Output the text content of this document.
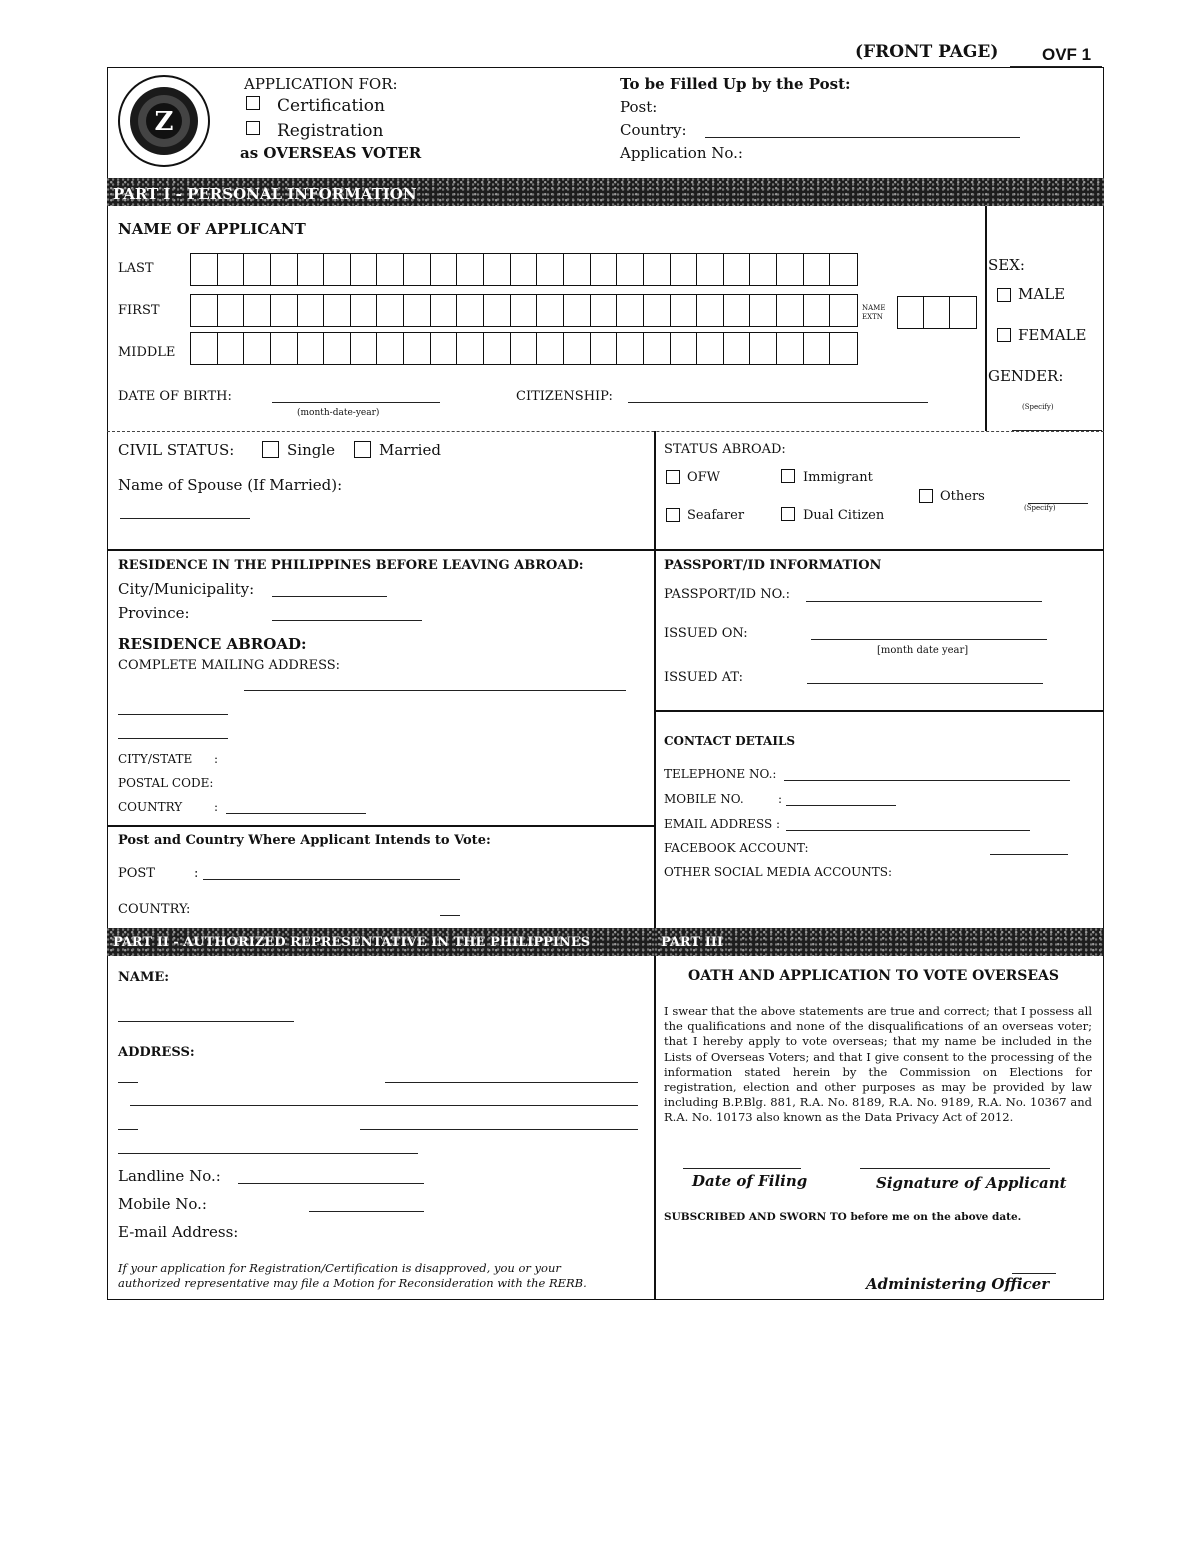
(FRONT PAGE)	OVF 1
Z
APPLICATION FOR:
Certification
Registration
as OVERSEAS VOTER
To be Filled Up by the Post:
Post:
Country:
Application No.:
PART I - PERSONAL INFORMATION
NAME OF APPLICANT
LAST
FIRST	NAME
EXTN
MIDDLE
SEX:
MALE
FEMALE
GENDER:
(Specify)
DATE OF BIRTH:
(month-date-year)
CITIZENSHIP:
CIVIL STATUS:	Single	Married
Name of Spouse (If Married):
STATUS ABROAD:
OFW	Immigrant
Others
(Specify)
Seafarer	Dual Citizen
RESIDENCE IN THE PHILIPPINES BEFORE LEAVING ABROAD:
City/Municipality:
Province:
RESIDENCE ABROAD:
COMPLETE MAILING ADDRESS:
CITY/STATE :
POSTAL CODE:
COUNTRY	:
Post and Country Where Applicant Intends to Vote:
POST	:
COUNTRY:
PASSPORT/ID INFORMATION
PASSPORT/ID NO.:
ISSUED ON:
[month date year]
ISSUED AT:
CONTACT DETAILS
TELEPHONE NO.:
MOBILE NO.	:
EMAIL ADDRESS :
FACEBOOK ACCOUNT:
OTHER SOCIAL MEDIA ACCOUNTS:
PART II - AUTHORIZED REPRESENTATIVE IN THE PHILIPPINES	PART III
NAME:
ADDRESS:
Landline No.:
Mobile No.:
E-mail Address:
If your application for Registration/Certification is disapproved, you or your
authorized representative may file a Motion for Reconsideration with the RERB.
OATH AND APPLICATION TO VOTE OVERSEAS
I swear that the above statements are true and correct; that I possess all the qualifications and none of the disqualifications of an overseas voter; that I hereby apply to vote overseas; that my name be included in the Lists of Overseas Voters; and that I give consent to the processing of the information stated herein by the Commission on Elections for registration, election and other purposes as may be provided by law including B.P.Blg. 881, R.A. No. 8189, R.A. No. 9189, R.A. No. 10367 and R.A. No. 10173 also known as the Data Privacy Act of 2012.
Date of Filing	Signature of Applicant
SUBSCRIBED AND SWORN TO before me on the above date.
Administering Officer
